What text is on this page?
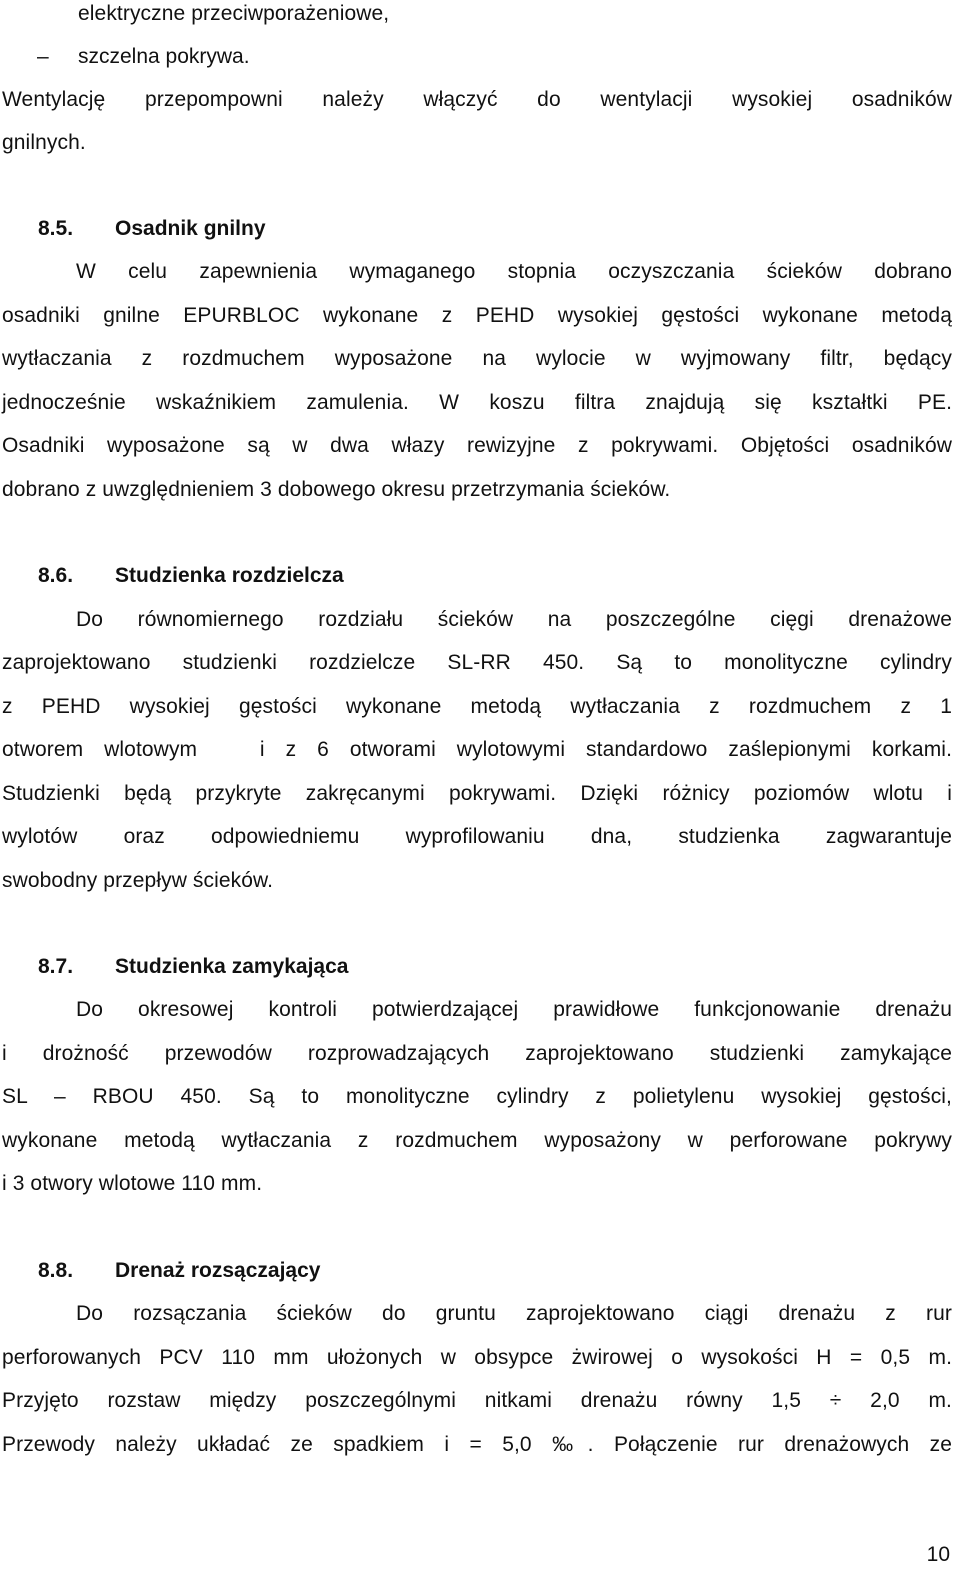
elektryczne przeciwporażeniowe,
– szczelna pokrywa.
Wentylację przepompowni należy włączyć do wentylacji wysokiej osadników
gnilnych.
8.5. Osadnik gnilny
W celu zapewnienia wymaganego stopnia oczyszczania ścieków dobrano
osadniki gnilne EPURBLOC wykonane z PEHD wysokiej gęstości wykonane metodą
wytłaczania z rozdmuchem wyposażone na wylocie w wyjmowany filtr, będący
jednocześnie wskaźnikiem zamulenia. W koszu filtra znajdują się kształtki PE.
Osadniki wyposażone są w dwa włazy rewizyjne z pokrywami. Objętości osadników
dobrano z uwzględnieniem 3 dobowego okresu przetrzymania ścieków.
8.6. Studzienka rozdzielcza
Do równomiernego rozdziału ścieków na poszczególne cięgi drenażowe
zaprojektowano studzienki rozdzielcze SL-RR 450. Są to monolityczne cylindry
z PEHD wysokiej gęstości wykonane metodą wytłaczania z rozdmuchem z 1
otworem wlotowym   i z 6 otworami wylotowymi standardowo zaślepionymi korkami.
Studzienki będą przykryte zakręcanymi pokrywami. Dzięki różnicy poziomów wlotu i
wylotów oraz odpowiedniemu wyprofilowaniu dna, studzienka zagwarantuje
swobodny przepływ ścieków.
8.7. Studzienka zamykająca
Do okresowej kontroli potwierdzającej prawidłowe funkcjonowanie drenażu
i drożność przewodów rozprowadzających zaprojektowano studzienki zamykające
SL – RBOU 450. Są to monolityczne cylindry z polietylenu wysokiej gęstości,
wykonane metodą wytłaczania z rozdmuchem wyposażony w perforowane pokrywy
i 3 otwory wlotowe 110 mm.
8.8. Drenaż rozsączający
Do rozsączania ścieków do gruntu zaprojektowano ciągi drenażu z rur
perforowanych PCV 110 mm ułożonych w obsypce żwirowej o wysokości H = 0,5 m.
Przyjęto rozstaw między poszczególnymi nitkami drenażu równy 1,5 ÷ 2,0 m.
Przewody należy układać ze spadkiem i = 5,0 ‰. Połączenie rur drenażowych ze
10
